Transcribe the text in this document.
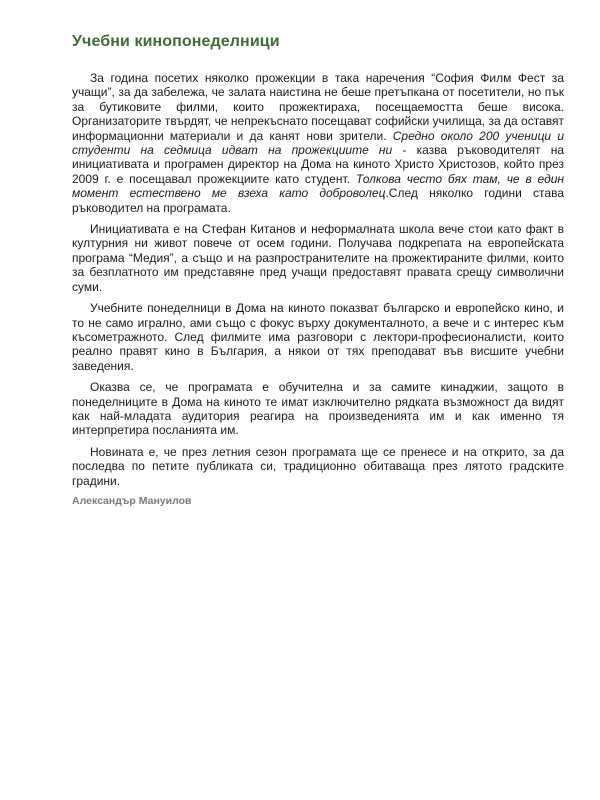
Учебни кинопонеделници

За година посетих няколко прожекции в така наречения “София Филм Фест за учащи”, за да забележа, че залата наистина не беше претъпкана от посетители, но пък за бутиковите филми, които прожектираха, посещаемостта беше висока. Организаторите твърдят, че непрекъснато посещават софийски училища, за да оставят информационни материали и да канят нови зрители. Средно около 200 ученици и студенти на седмица идват на прожекциите ни - казва ръководителят на инициативата и програмен директор на Дома на киното Христо Христозов, който през 2009 г. е посещавал прожекциите като студент. Толкова често бях там, че в един момент естествено ме взеха като доброволец.След няколко години става ръководител на програмата.

Инициативата е на Стефан Китанов и неформалната школа вече стои като факт в културния ни живот повече от осем години. Получава подкрепата на европейската програма “Медия”, а също и на разпространителите на прожектираните филми, които за безплатното им представяне пред учащи предоставят правата срещу символични суми.

Учебните понеделници в Дома на киното показват българско и европейско кино, и то не само игрално, ами също с фокус върху документалното, а вече и с интерес към късометражното. След филмите има разговори с лектори-професионалисти, които реално правят кино в България, а някои от тях преподават във висшите учебни заведения.

Оказва се, че програмата е обучителна и за самите кинаджии, защото в понеделниците в Дома на киното те имат изключително рядката възможност да видят как най-младата аудитория реагира на произведенията им и как именно тя интерпретира посланията им.

Новината е, че през летния сезон програмата ще се пренесе и на открито, за да последва по петите публиката си, традиционно обитаваща през лятото градските градини.

Александър Мануилов
